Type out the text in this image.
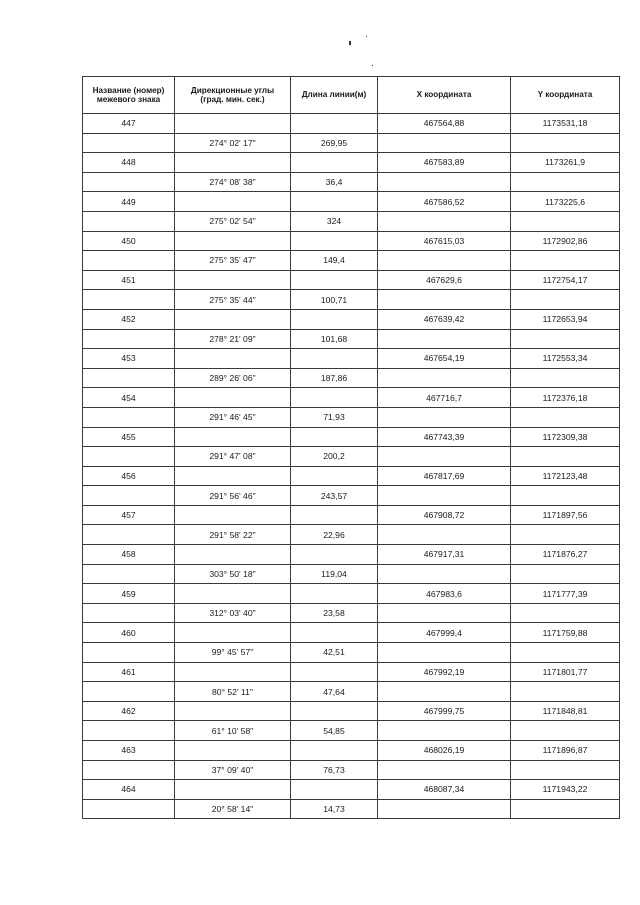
Название (номер) межевого знака	Дирекционные углы (град. мин. сек.)	Длина линии(м)	X координата	Y координата
447			467564,88	1173531,18
	274° 02' 17"	269,95		
448			467583,89	1173261,9
	274° 08' 38"	36,4		
449			467586,52	1173225,6
	275° 02' 54"	324		
450			467615,03	1172902,86
	275° 35' 47"	149,4		
451			467629,6	1172754,17
	275° 35' 44"	100,71		
452			467639,42	1172653,94
	278° 21' 09"	101,68		
453			467654,19	1172553,34
	289° 26' 06"	187,86		
454			467716,7	1172376,18
	291° 46' 45"	71,93		
455			467743,39	1172309,38
	291° 47' 08"	200,2		
456			467817,69	1172123,48
	291° 56' 46"	243,57		
457			467908,72	1171897,56
	291° 58' 22"	22,96		
458			467917,31	1171876,27
	303° 50' 18"	119,04		
459			467983,6	1171777,39
	312° 03' 40"	23,58		
460			467999,4	1171759,88
	99° 45' 57"	42,51		
461			467992,19	1171801,77
	80° 52' 11"	47,64		
462			467999,75	1171848,81
	61° 10' 58"	54,85		
463			468026,19	1171896,87
	37° 09' 40"	76,73		
464			468087,34	1171943,22
	20° 58' 14"	14,73		
